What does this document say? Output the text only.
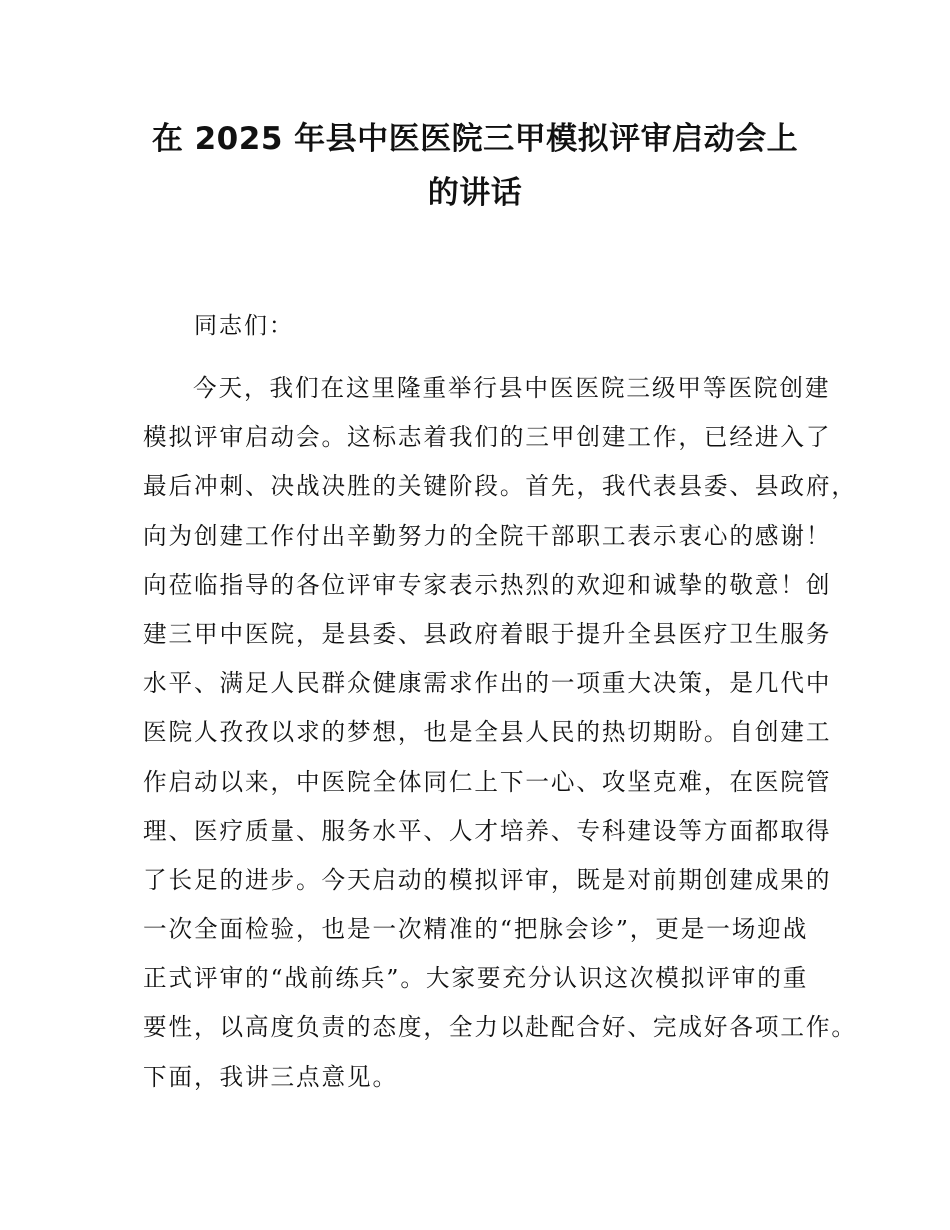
在 2025 年县中医医院三甲模拟评审启动会上
的讲话

同志们：

今天，我们在这里隆重举行县中医医院三级甲等医院创建
模拟评审启动会。这标志着我们的三甲创建工作，已经进入了
最后冲刺、决战决胜的关键阶段。首先，我代表县委、县政府，
向为创建工作付出辛勤努力的全院干部职工表示衷心的感谢！
向莅临指导的各位评审专家表示热烈的欢迎和诚挚的敬意！创
建三甲中医院，是县委、县政府着眼于提升全县医疗卫生服务
水平、满足人民群众健康需求作出的一项重大决策，是几代中
医院人孜孜以求的梦想，也是全县人民的热切期盼。自创建工
作启动以来，中医院全体同仁上下一心、攻坚克难，在医院管
理、医疗质量、服务水平、人才培养、专科建设等方面都取得
了长足的进步。今天启动的模拟评审，既是对前期创建成果的
一次全面检验，也是一次精准的“把脉会诊”，更是一场迎战
正式评审的“战前练兵”。大家要充分认识这次模拟评审的重
要性，以高度负责的态度，全力以赴配合好、完成好各项工作。
下面，我讲三点意见。
